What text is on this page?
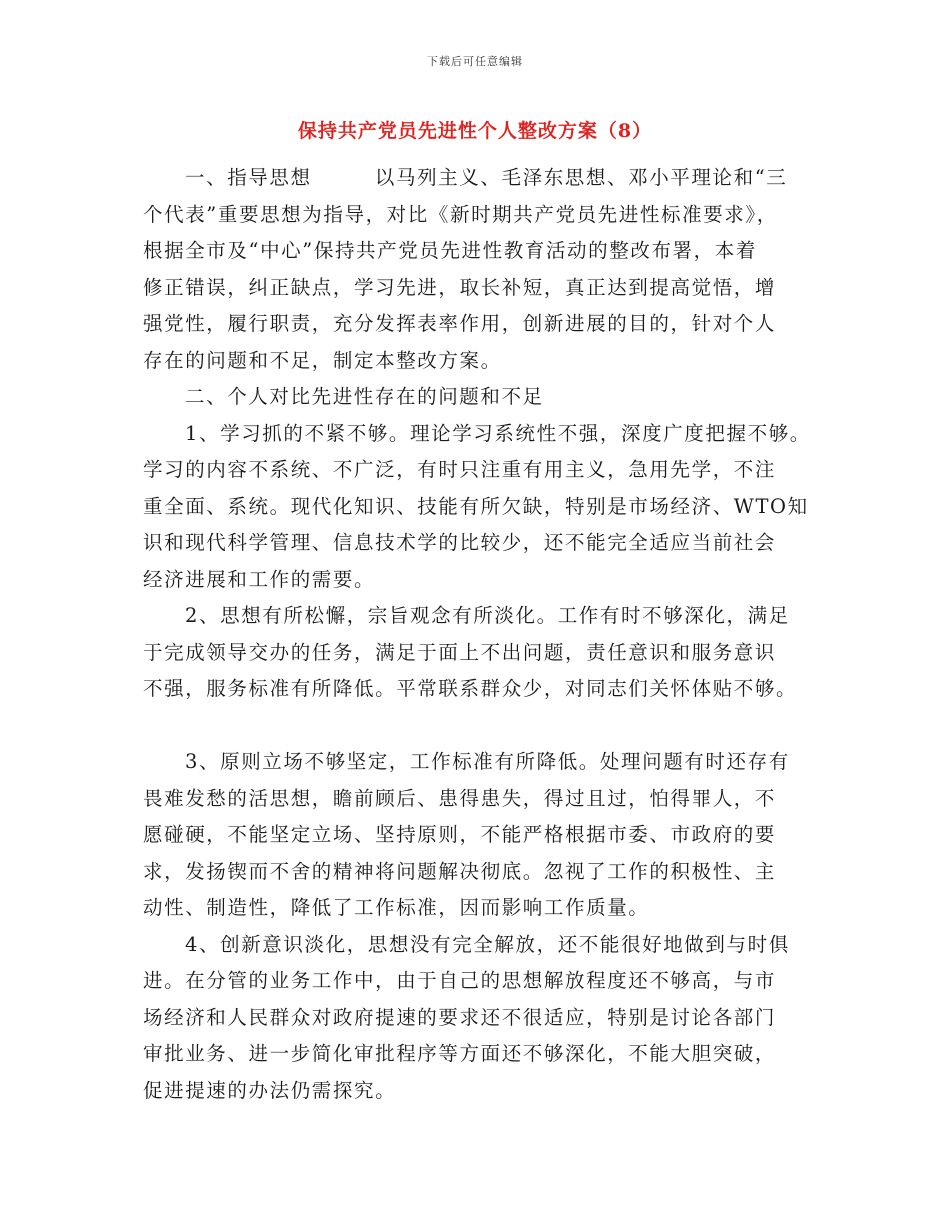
下载后可任意编辑
保持共产党员先进性个人整改方案（8）
一、指导思想　　　以马列主义、毛泽东思想、邓小平理论和“三
个代表”重要思想为指导，对比《新时期共产党员先进性标准要求》，
根据全市及“中心”保持共产党员先进性教育活动的整改布署，本着
修正错误，纠正缺点，学习先进，取长补短，真正达到提高觉悟，增
强党性，履行职责，充分发挥表率作用，创新进展的目的，针对个人
存在的问题和不足，制定本整改方案。
二、个人对比先进性存在的问题和不足
1、学习抓的不紧不够。理论学习系统性不强，深度广度把握不够。
学习的内容不系统、不广泛，有时只注重有用主义，急用先学，不注
重全面、系统。现代化知识、技能有所欠缺，特别是市场经济、WTO知
识和现代科学管理、信息技术学的比较少，还不能完全适应当前社会
经济进展和工作的需要。
2、思想有所松懈，宗旨观念有所淡化。工作有时不够深化，满足
于完成领导交办的任务，满足于面上不出问题，责任意识和服务意识
不强，服务标准有所降低。平常联系群众少，对同志们关怀体贴不够。
3、原则立场不够坚定，工作标准有所降低。处理问题有时还存有
畏难发愁的活思想，瞻前顾后、患得患失，得过且过，怕得罪人，不
愿碰硬，不能坚定立场、坚持原则，不能严格根据市委、市政府的要
求，发扬锲而不舍的精神将问题解决彻底。忽视了工作的积极性、主
动性、制造性，降低了工作标准，因而影响工作质量。
4、创新意识淡化，思想没有完全解放，还不能很好地做到与时俱
进。在分管的业务工作中，由于自己的思想解放程度还不够高，与市
场经济和人民群众对政府提速的要求还不很适应，特别是讨论各部门
审批业务、进一步简化审批程序等方面还不够深化，不能大胆突破，
促进提速的办法仍需探究。
